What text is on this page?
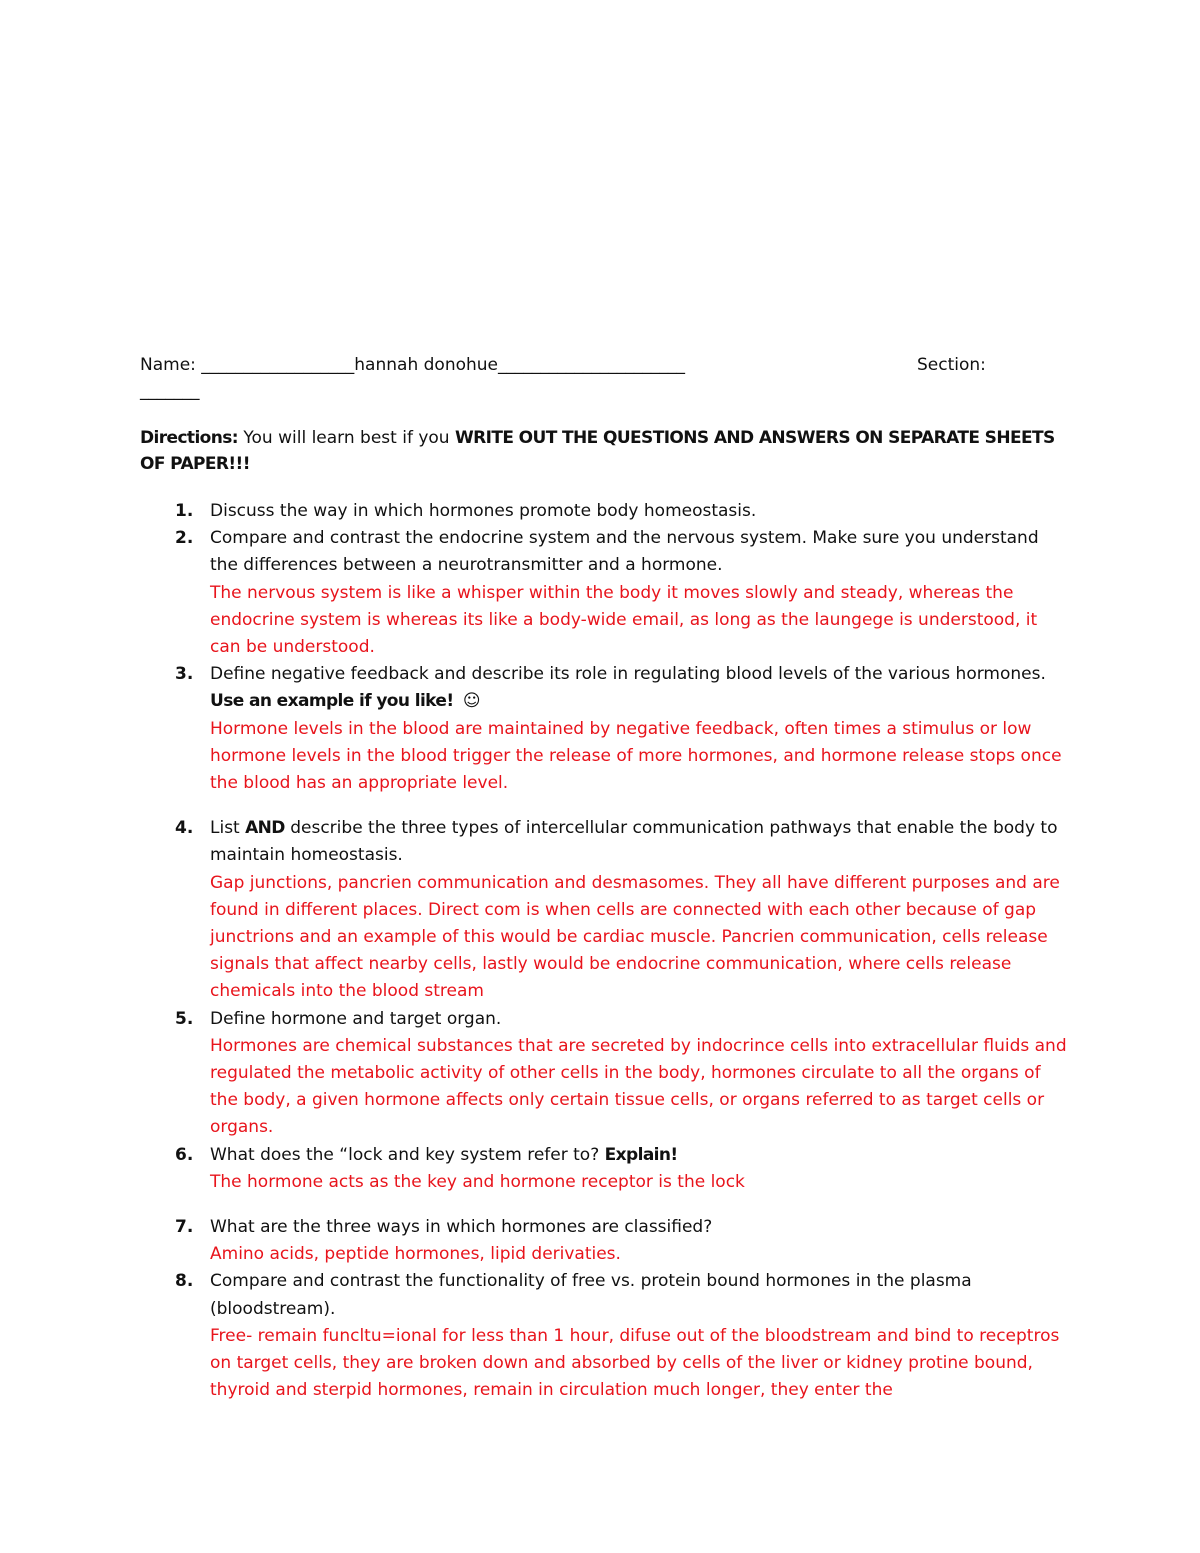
Name: __________________hannah donohue______________________	Section:
_______
Directions: You will learn best if you WRITE OUT THE QUESTIONS AND ANSWERS ON SEPARATE SHEETS OF PAPER!!!
1. Discuss the way in which hormones promote body homeostasis.
2. Compare and contrast the endocrine system and the nervous system. Make sure you understand the differences between a neurotransmitter and a hormone.
The nervous system is like a whisper within the body it moves slowly and steady, whereas the endocrine system is whereas its like a body-wide email, as long as the laungege is understood, it can be understood.
3. Define negative feedback and describe its role in regulating blood levels of the various hormones.
Use an example if you like! ☺
Hormone levels in the blood are maintained by negative feedback, often times a stimulus or low hormone levels in the blood trigger the release of more hormones, and hormone release stops once the blood has an appropriate level.
4. List AND describe the three types of intercellular communication pathways that enable the body to maintain homeostasis.
Gap junctions, pancrien communication and desmasomes. They all have different purposes and are found in different places. Direct com is when cells are connected with each other because of gap junctrions and an example of this would be cardiac muscle. Pancrien communication, cells release signals that affect nearby cells, lastly would be endocrine communication, where cells release chemicals into the blood stream
5. Define hormone and target organ.
Hormones are chemical substances that are secreted by indocrince cells into extracellular fluids and regulated the metabolic activity of other cells in the body, hormones circulate to all the organs of the body, a given hormone affects only certain tissue cells, or organs referred to as target cells or organs.
6. What does the “lock and key system refer to? Explain!
The hormone acts as the key and hormone receptor is the lock
7. What are the three ways in which hormones are classified?
Amino acids, peptide hormones, lipid derivaties.
8. Compare and contrast the functionality of free vs. protein bound hormones in the plasma (bloodstream).
Free- remain funcltu=ional for less than 1 hour, difuse out of the bloodstream and bind to receptros on target cells, they are broken down and absorbed by cells of the liver or kidney protine bound, thyroid and sterpid hormones, remain in circulation much longer, they enter the
